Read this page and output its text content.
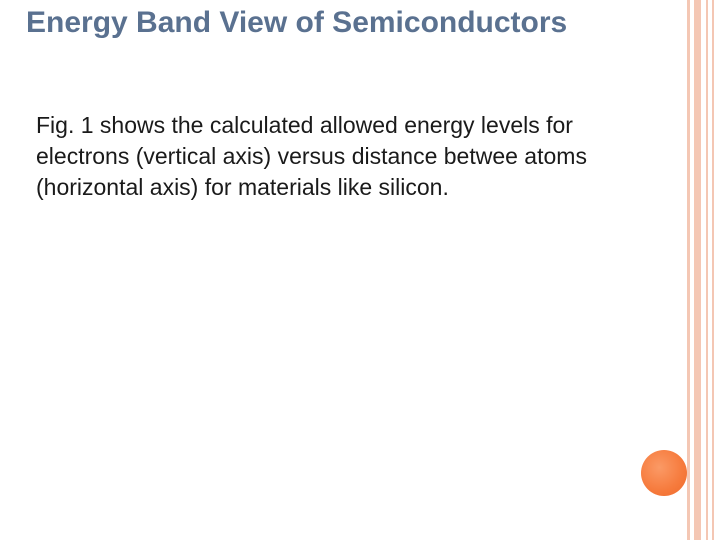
Energy Band View of Semiconductors

Fig. 1 shows the calculated allowed energy levels for
electrons (vertical axis) versus distance betwee atoms
(horizontal axis) for materials like silicon.
